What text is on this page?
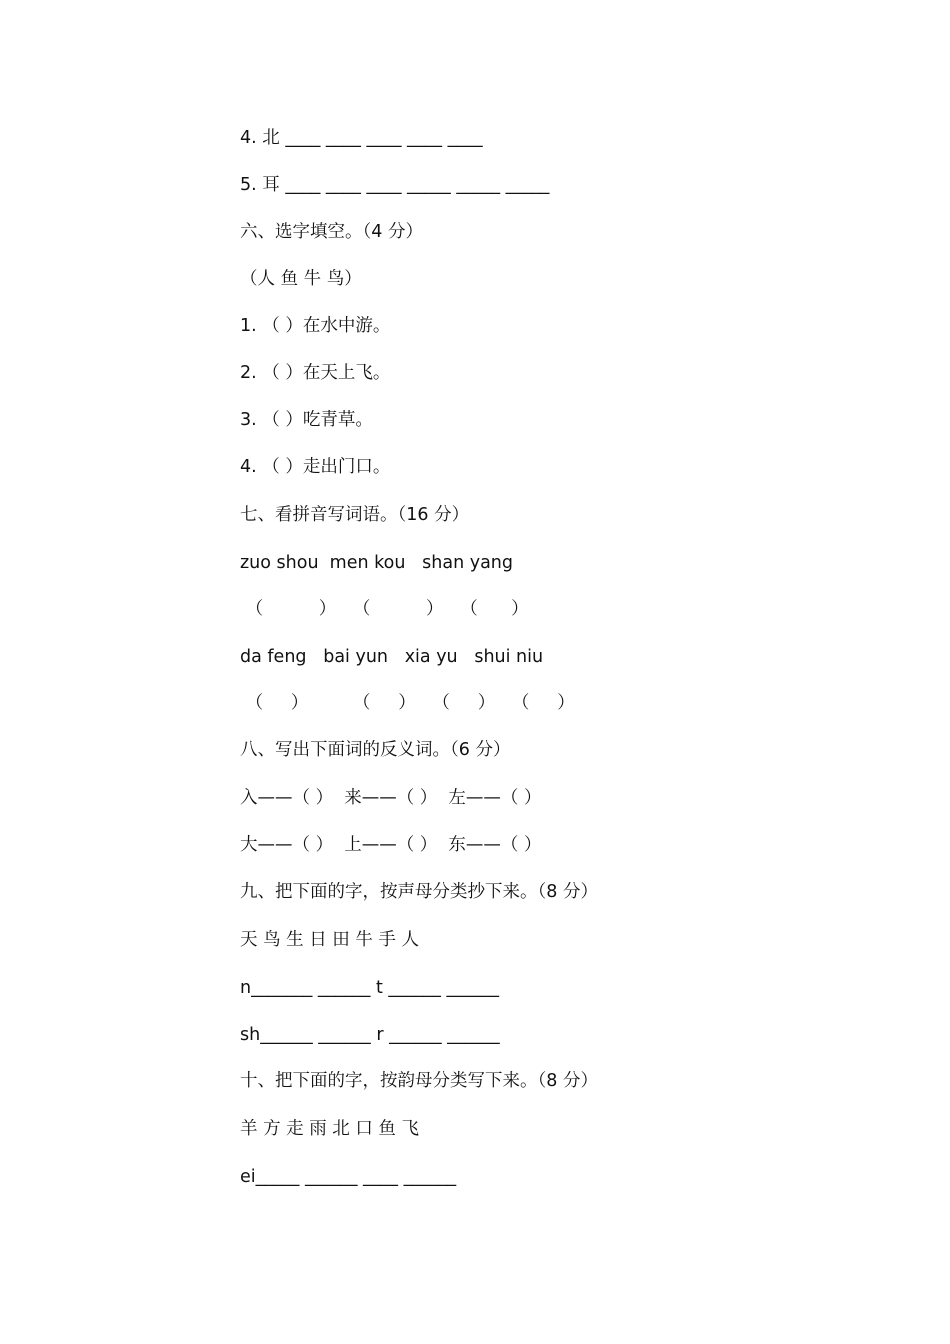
4. 北 ____ ____ ____ ____ ____
5. 耳 ____ ____ ____ _____ _____ _____
六、选字填空。（4 分）
（人 鱼 牛 鸟）
1. （ ）在水中游。
2. （ ）在天上飞。
3. （ ）吃青草。
4. （ ）走出门口。
七、看拼音写词语。（16 分）
zuo shou  men kou   shan yang
（          ）   （          ）   （      ）
da feng   bai yun   xia yu   shui niu
（     ）        （     ）   （     ）   （     ）
八、写出下面词的反义词。（6 分）
入——（ ）  来——（ ）  左——（ ）
大——（ ）  上——（ ）  东——（ ）
九、把下面的字，按声母分类抄下来。（8 分）
天 鸟 生 日 田 牛 手 人
n_______ ______ t ______ ______
sh______ ______ r ______ ______
十、把下面的字，按韵母分类写下来。（8 分）
羊 方 走 雨 北 口 鱼 飞
ei_____ ______ ____ ______
